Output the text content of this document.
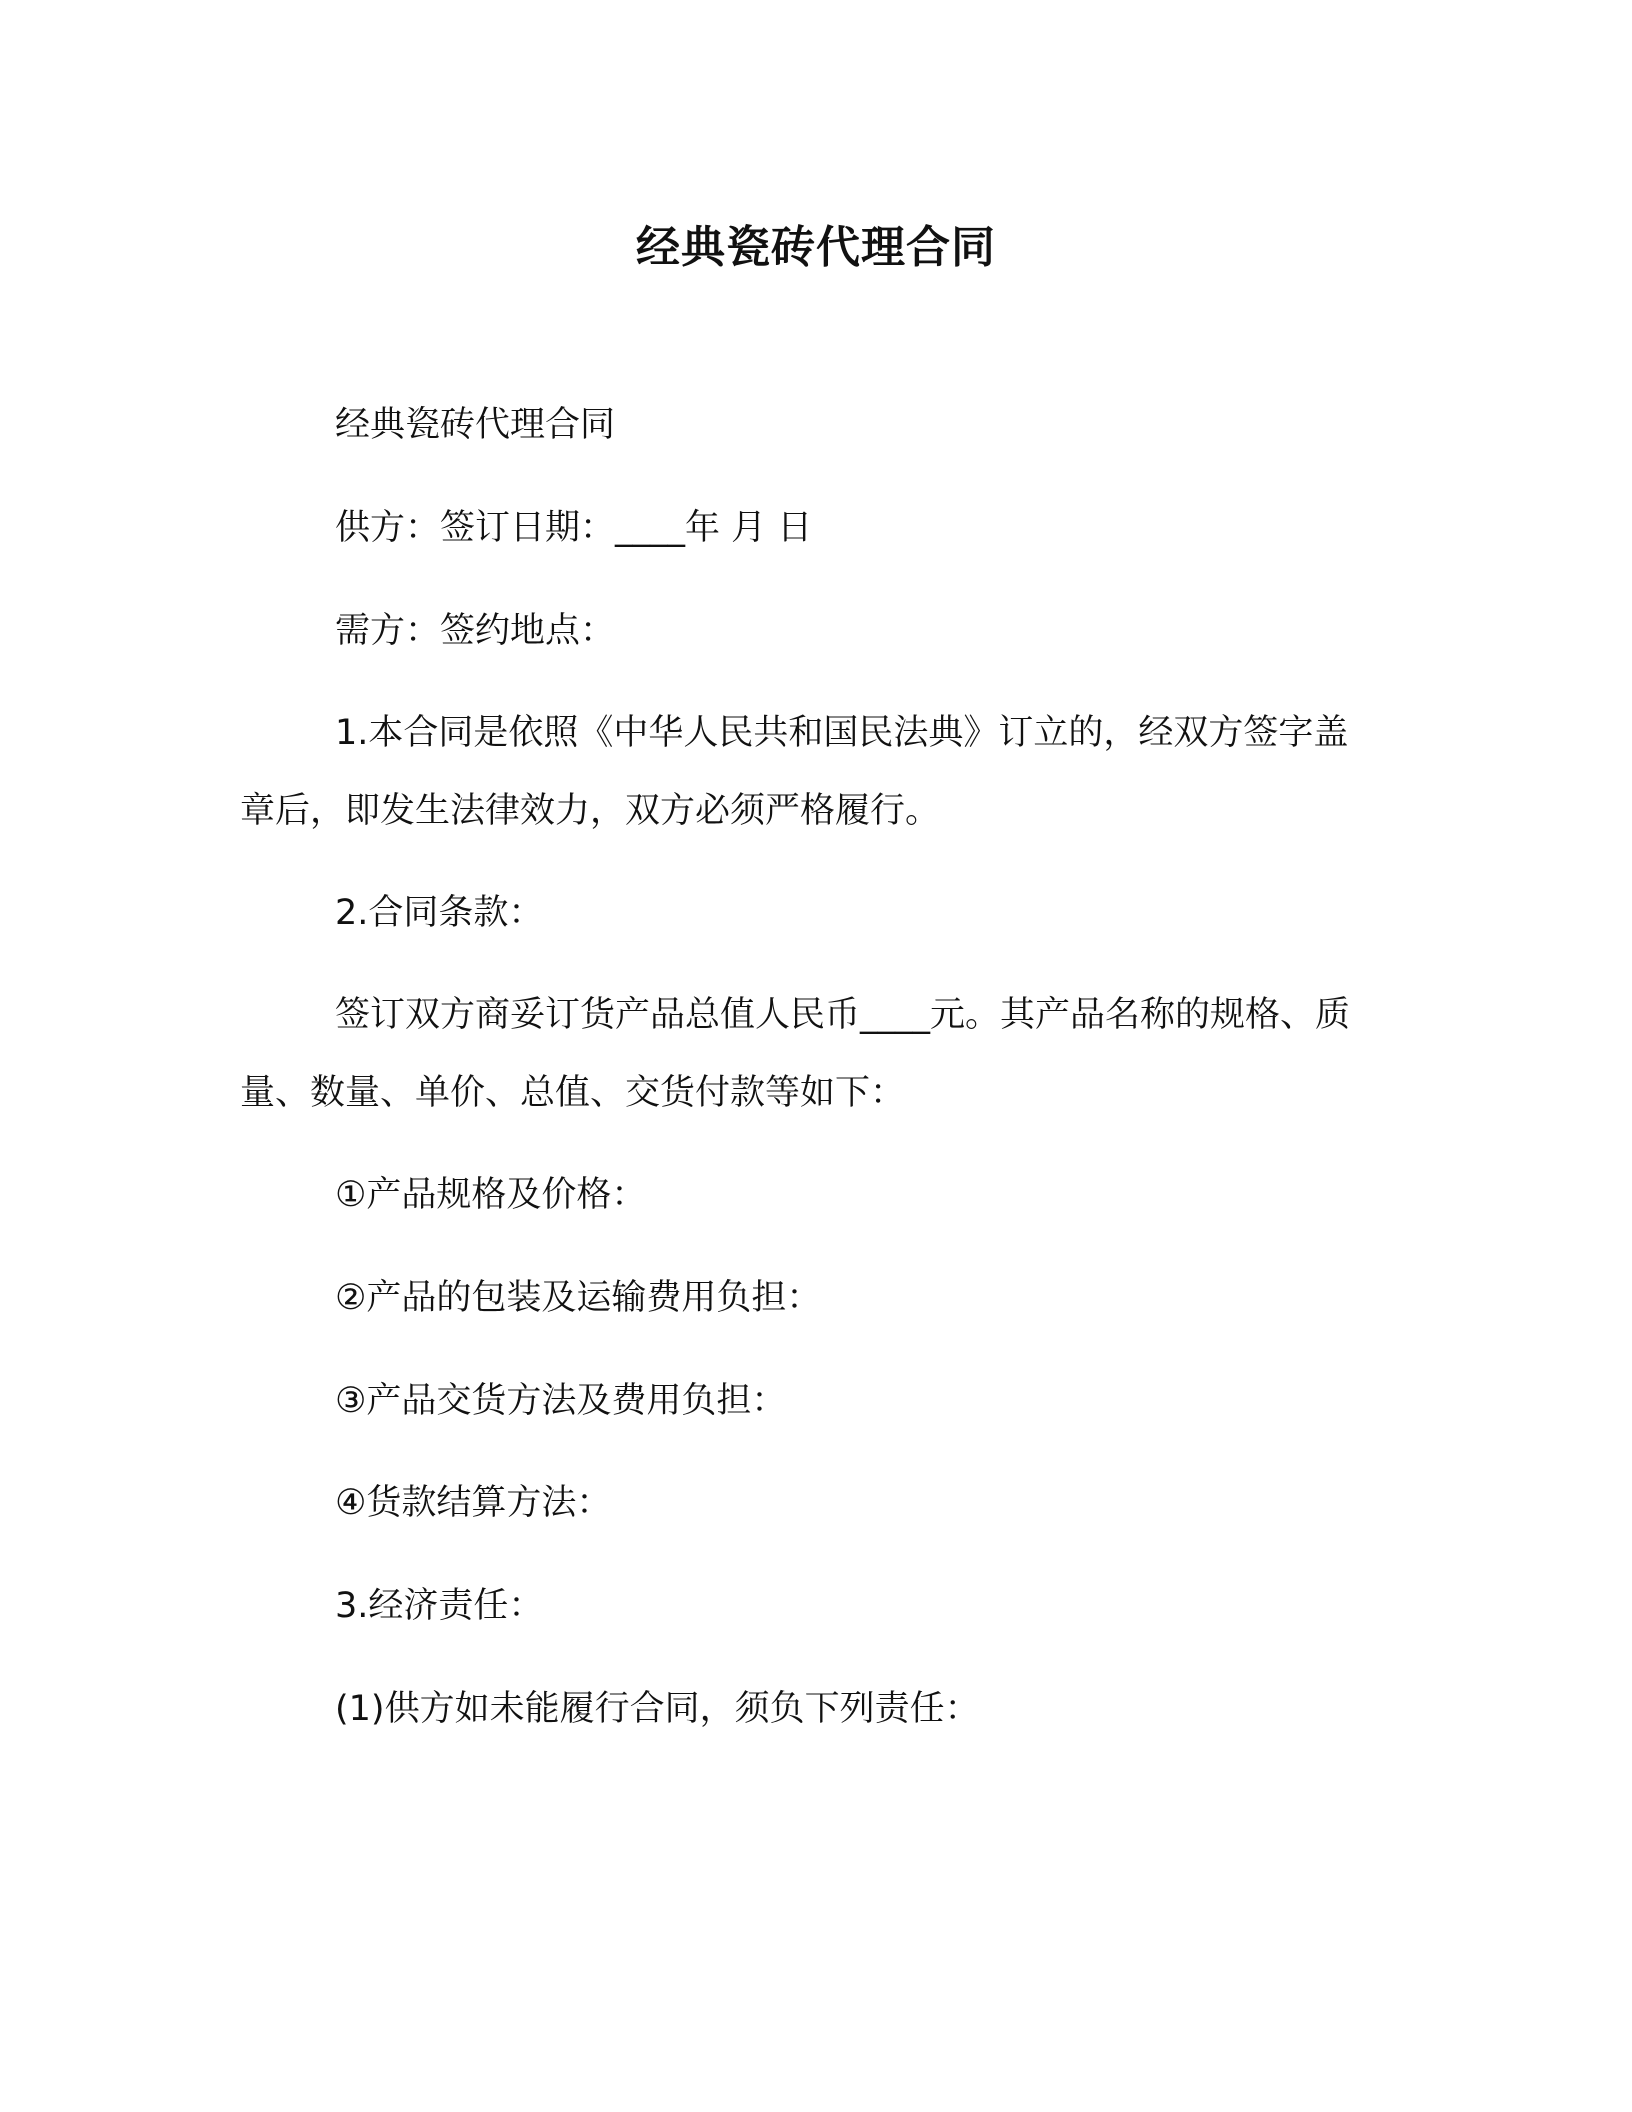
经典瓷砖代理合同
经典瓷砖代理合同
供方：签订日期：____年 月 日
需方：签约地点：
1.本合同是依照《中华人民共和国民法典》订立的，经双方签字盖章后，即发生法律效力，双方必须严格履行。
2.合同条款：
签订双方商妥订货产品总值人民币____元。其产品名称的规格、质量、数量、单价、总值、交货付款等如下：
①产品规格及价格：
②产品的包装及运输费用负担：
③产品交货方法及费用负担：
④货款结算方法：
3.经济责任：
(1)供方如未能履行合同，须负下列责任：
